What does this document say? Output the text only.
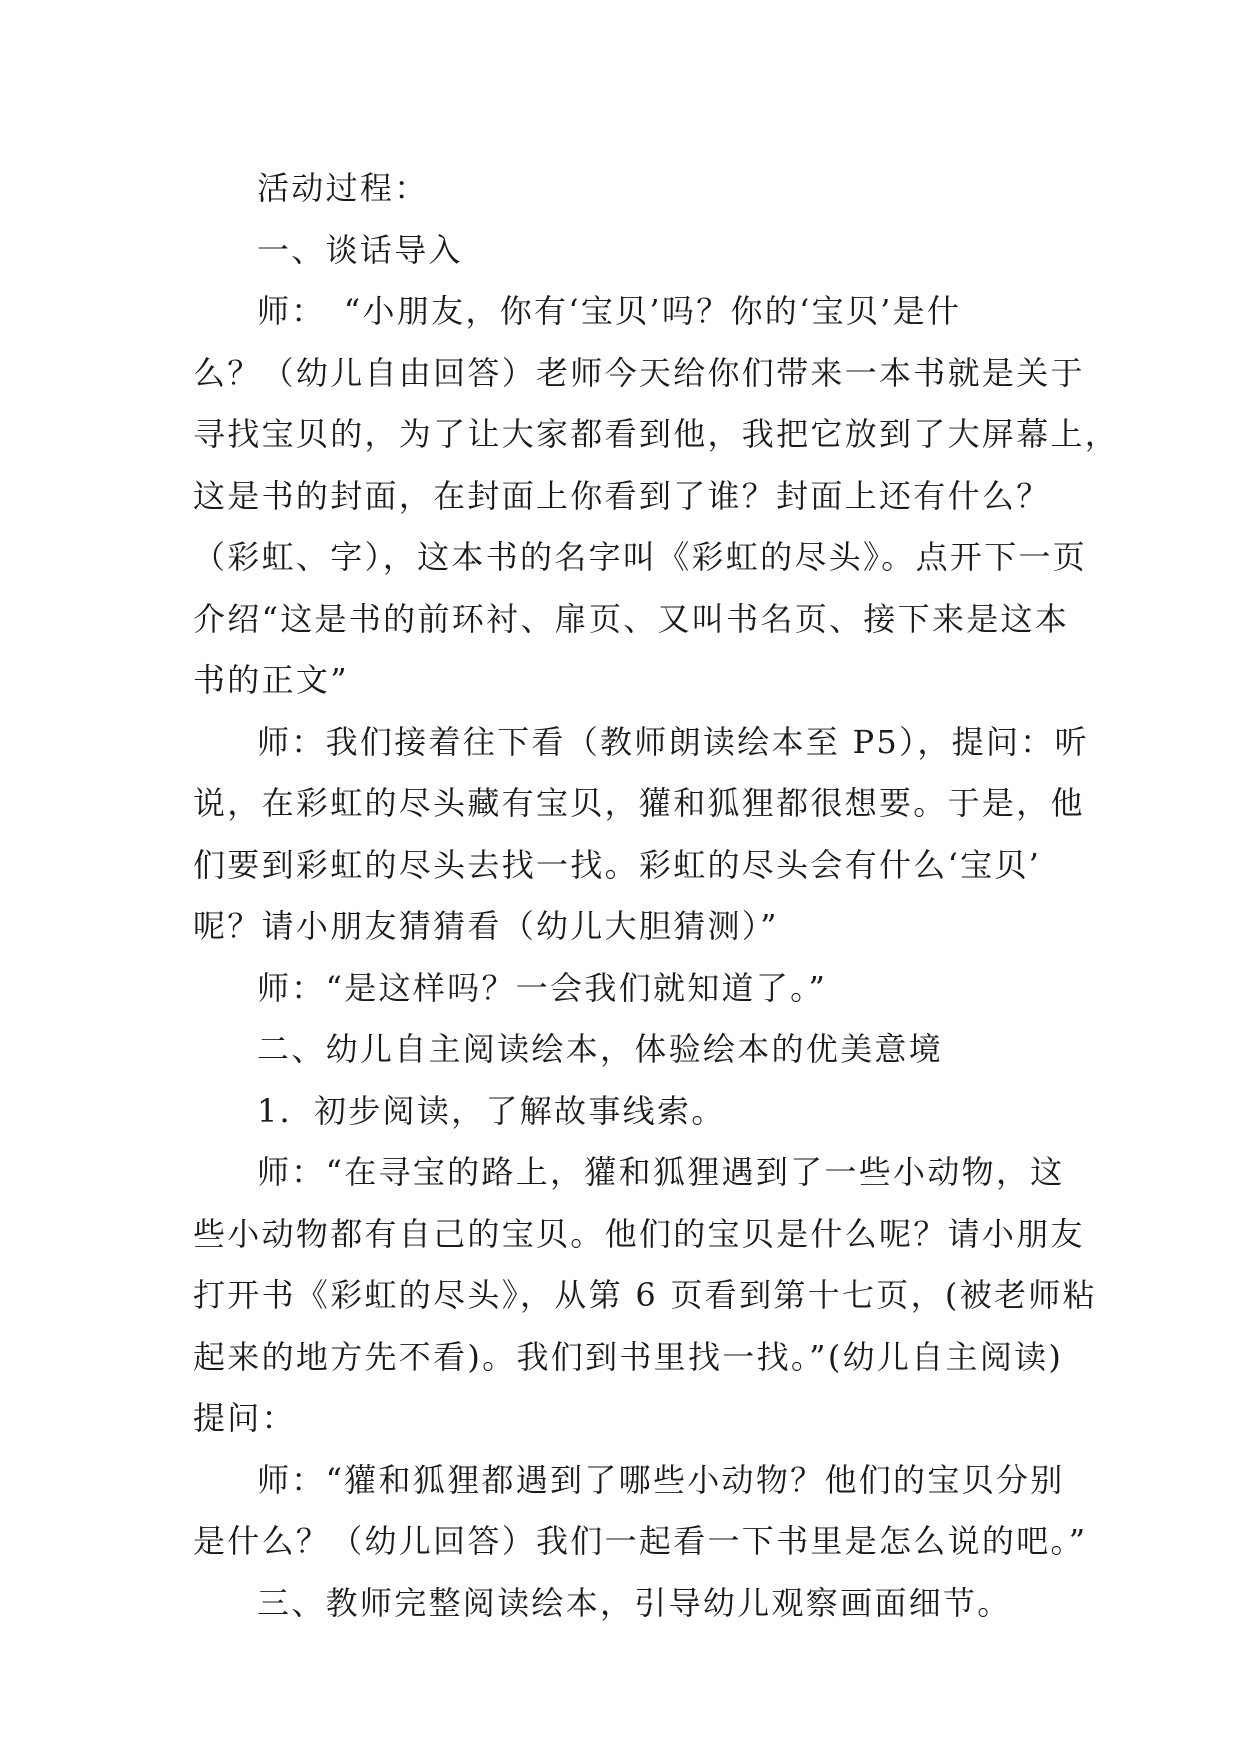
活动过程：
一、谈话导入
师：　“小朋友，你有‘宝贝’吗？你的‘宝贝’是什
么？（幼儿自由回答）老师今天给你们带来一本书就是关于
寻找宝贝的，为了让大家都看到他，我把它放到了大屏幕上，
这是书的封面，在封面上你看到了谁？封面上还有什么？
（彩虹、字），这本书的名字叫《彩虹的尽头》。点开下一页
介绍“这是书的前环衬、扉页、又叫书名页、接下来是这本
书的正文”
师：我们接着往下看（教师朗读绘本至 P5），提问：听
说，在彩虹的尽头藏有宝贝，獾和狐狸都很想要。于是，他
们要到彩虹的尽头去找一找。彩虹的尽头会有什么‘宝贝’
呢？请小朋友猜猜看（幼儿大胆猜测）”
师：“是这样吗？一会我们就知道了。”
二、幼儿自主阅读绘本，体验绘本的优美意境
1．初步阅读，了解故事线索。
师：“在寻宝的路上，獾和狐狸遇到了一些小动物，这
些小动物都有自己的宝贝。他们的宝贝是什么呢？请小朋友
打开书《彩虹的尽头》，从第 6 页看到第十七页，(被老师粘
起来的地方先不看)。我们到书里找一找。”(幼儿自主阅读)
提问：
师：“獾和狐狸都遇到了哪些小动物？他们的宝贝分别
是什么？（幼儿回答）我们一起看一下书里是怎么说的吧。”
三、教师完整阅读绘本，引导幼儿观察画面细节。
